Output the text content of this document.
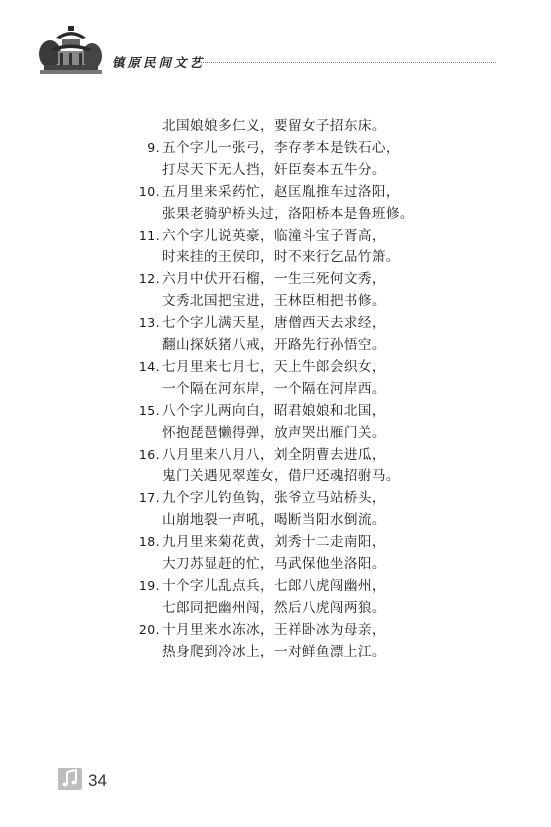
镇原民间文艺
北国娘娘多仁义，要留女子招东床。
9. 五个字儿一张弓，李存孝本是铁石心，
打尽天下无人挡，奸臣奏本五牛分。
10. 五月里来采药忙，赵匡胤推车过洛阳，
张果老骑驴桥头过，洛阳桥本是鲁班修。
11. 六个字儿说英豪，临潼斗宝子胥高，
时来挂的王侯印，时不来行乞品竹箫。
12. 六月中伏开石榴，一生三死何文秀，
文秀北国把宝进，王林臣相把书修。
13. 七个字儿满天星，唐僧西天去求经，
翻山探妖猪八戒，开路先行孙悟空。
14. 七月里来七月七，天上牛郎会织女，
一个隔在河东岸，一个隔在河岸西。
15. 八个字儿两向白，昭君娘娘和北国，
怀抱琵琶懒得弹，放声哭出雁门关。
16. 八月里来八月八，刘全阴曹去进瓜，
鬼门关遇见翠莲女，借尸还魂招驸马。
17. 九个字儿钓鱼钩，张爷立马站桥头，
山崩地裂一声吼，喝断当阳水倒流。
18. 九月里来菊花黄，刘秀十二走南阳，
大刀苏显赶的忙，马武保他坐洛阳。
19. 十个字儿乱点兵，七郎八虎闯幽州，
七郎同把幽州闯，然后八虎闯两狼。
20. 十月里来水冻冰，王祥卧冰为母亲，
热身爬到冷冰上，一对鲜鱼漂上江。
34
